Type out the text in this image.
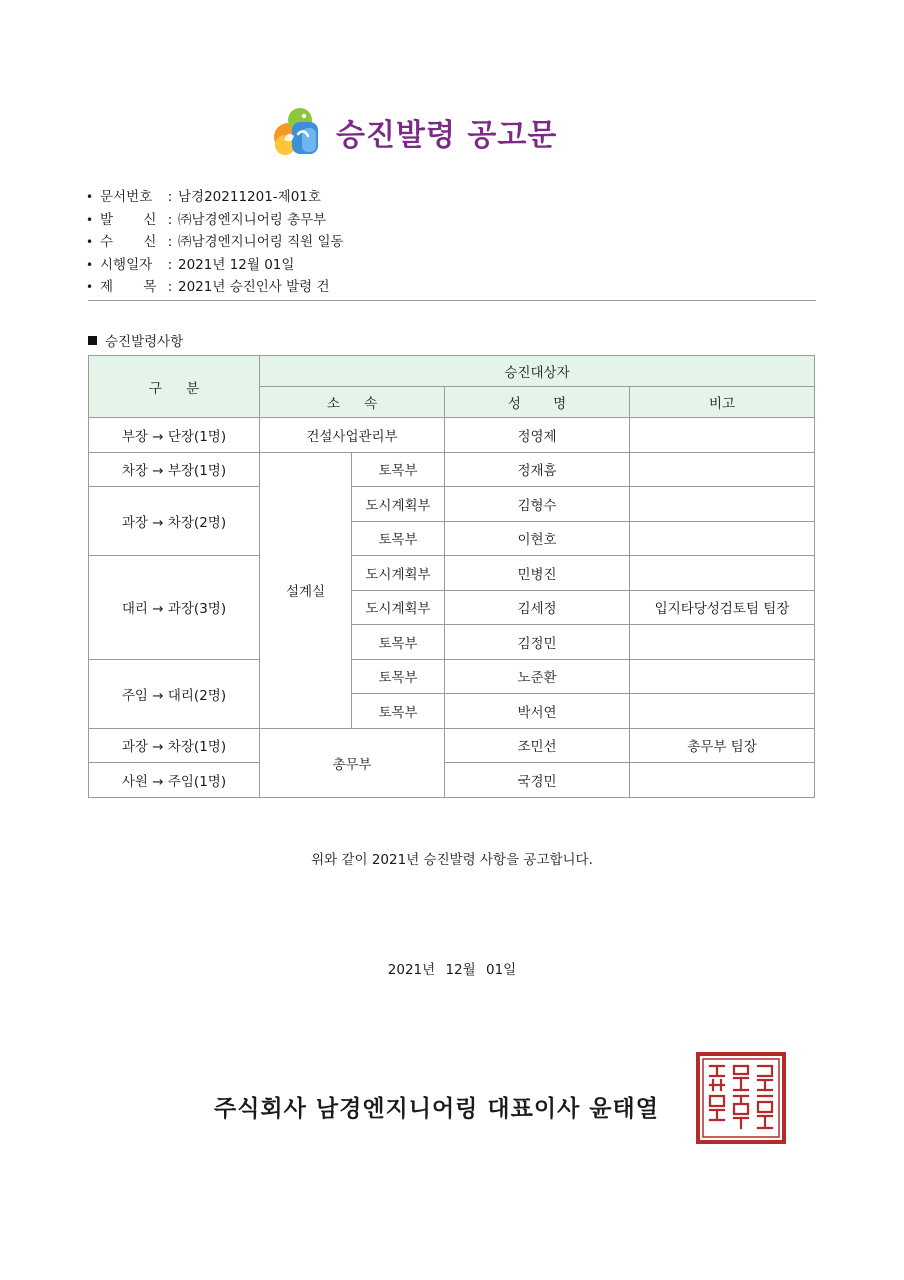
승진발령 공고문
• 문서번호	: 남경20211201-제01호
• 발 신 : ㈜남경엔지니어링 총무부
• 수 신 : ㈜남경엔지니어링 직원 일동
• 시행일자	: 2021년 12월 01일
• 제 목 : 2021년 승진인사 발령 건
승진발령사항
구 분	승진대상자			
	소 속		성 명	비고
부장 → 단장(1명)	건설사업관리부		정영제	
차장 → 부장(1명)	설계실	토목부	정재흠	
과장 → 차장(2명)		도시계획부	김형수	
		토목부	이현호	
대리 → 과장(3명)		도시계획부	민병진	
		도시계획부	김세정	입지타당성검토팀 팀장
		토목부	김정민	
주임 → 대리(2명)		토목부	노준환	
		토목부	박서연	
과장 → 차장(1명)	총무부		조민선	총무부 팀장
사원 → 주임(1명)			국경민	
위와 같이 2021년 승진발령 사항을 공고합니다.
2021년 12월 01일
주식회사 남경엔지니어링 대표이사 윤태열
